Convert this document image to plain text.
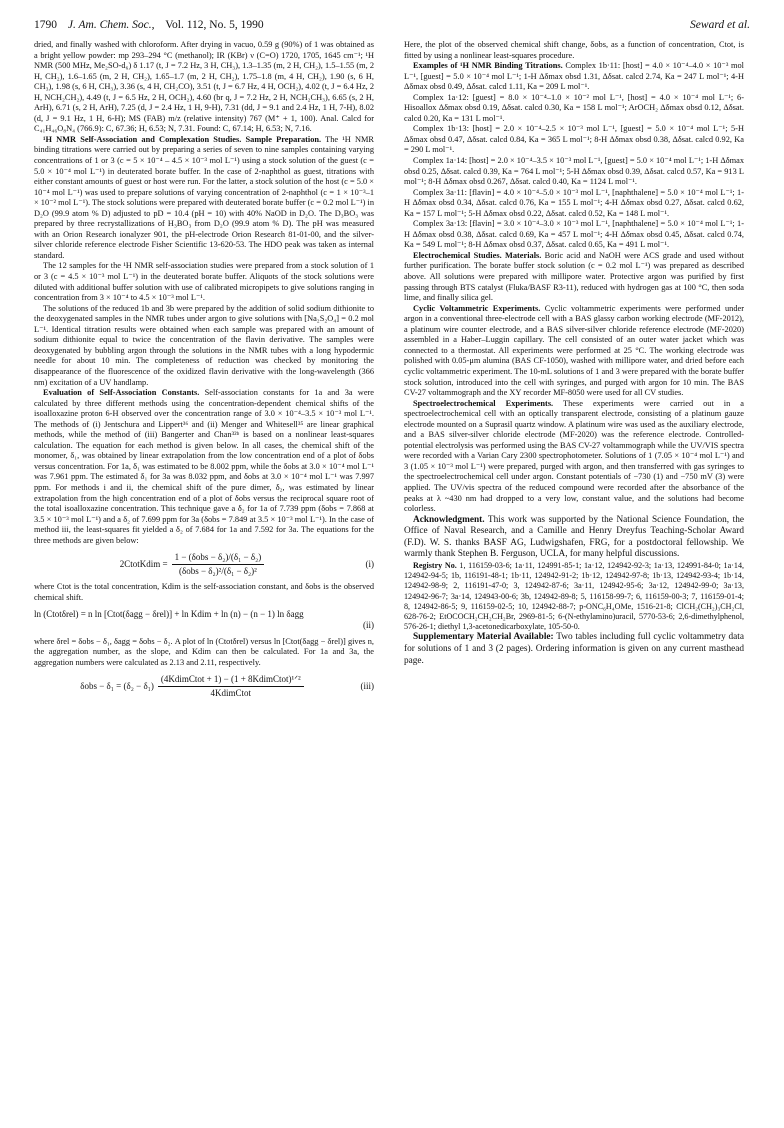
1790 J. Am. Chem. Soc., Vol. 112, No. 5, 1990	Seward et al.

dried, and finally washed with chloroform. After drying in vacuo, 0.59 g (90%) of 1 was obtained as a bright yellow powder: mp 293–294 °C (methanol); IR (KBr) ν (C=O) 1720, 1705, 1645 cm⁻¹; ¹H NMR (500 MHz, Me₂SO-d₆) δ 1.17 (t, J = 7.2 Hz, 3 H, CH₃), 1.3–1.35 (m, 2 H, CH₂), 1.5–1.55 (m, 2 H, CH₂), 1.6–1.65 (m, 2 H, CH₂), 1.65–1.7 (m, 2 H, CH₂), 1.75–1.8 (m, 4 H, CH₂), 1.90 (s, 6 H, CH₃), 1.98 (s, 6 H, CH₃), 3.36 (s, 4 H, CH₂CO), 3.51 (t, J = 6.7 Hz, 4 H, OCH₂), 4.02 (t, J = 6.4 Hz, 2 H, NCH₂CH₂), 4.49 (t, J = 6.5 Hz, 2 H, OCH₂), 4.60 (br q, J = 7.2 Hz, 2 H, NCH₂CH₃), 6.65 (s, 2 H, ArH), 6.71 (s, 2 H, ArH), 7.25 (d, J = 2.4 Hz, 1 H, 9-H), 7.31 (dd, J = 9.1 and 2.4 Hz, 1 H, 7-H), 8.02 (d, J = 9.1 Hz, 1 H, 6-H); MS (FAB) m/z (relative intensity) 767 (M⁺ + 1, 100). Anal. Calcd for C₄₁H₄₆O₈N₄ (766.9): C, 67.36; H, 6.53; N, 7.31. Found: C, 67.14; H, 6.53; N, 7.16.

¹H NMR Self-Association and Complexation Studies. Sample Preparation. The ¹H NMR binding titrations were carried out by preparing a series of seven to nine samples containing varying concentrations of 1 or 3 (c = 5 × 10⁻⁴ – 4.5 × 10⁻³ mol L⁻¹) using a stock solution of the guest (c = 5.0 × 10⁻⁴ mol L⁻¹) in deuterated borate buffer. In the case of 2-naphthol as guest, titrations with either constant amounts of guest or host were run. For the latter, a stock solution of the host (c = 5.0 × 10⁻⁴ mol L⁻¹) was used to prepare solutions of varying concentration of 2-naphthol (c = 1 × 10⁻³–1 × 10⁻² mol L⁻¹). The stock solutions were prepared with deuterated borate buffer (c = 0.2 mol L⁻¹) in D₂O (99.9 atom % D) adjusted to pD = 10.4 (pH = 10) with 40% NaOD in D₂O. The D₃BO₃ was prepared by three recrystallizations of H₃BO₃ from D₂O (99.9 atom % D). The pH was measured with an Orion Research ionalyzer 901, the pH-electrode Orion Research 81-01-00, and the silver-silver chloride reference electrode Fisher Scientific 13-620-53. The HDO peak was taken as internal standard.

The 12 samples for the ¹H NMR self-association studies were prepared from a stock solution of 1 or 3 (c = 4.5 × 10⁻³ mol L⁻¹) in the deuterated borate buffer. Aliquots of the stock solutions were diluted with additional buffer solution with use of calibrated micropipets to give solutions ranging in concentration from 3 × 10⁻⁴ to 4.5 × 10⁻³ mol L⁻¹.

The solutions of the reduced 1b and 3b were prepared by the addition of solid sodium dithionite to the deoxygenated samples in the NMR tubes under argon to give solutions with [Na₂S₂O₄] = 0.2 mol L⁻¹. Identical titration results were obtained when each sample was prepared with an amount of sodium dithionite equal to twice the concentration of the flavin derivative. The samples were deoxygenated by bubbling argon through the solutions in the NMR tubes with a long hypodermic needle for about 10 min. The completeness of reduction was checked by monitoring the disappearance of the fluorescence of the oxidized flavin derivative with the long-wavelength (366 nm) excitation of a UV handlamp.

Evaluation of Self-Association Constants. Self-association constants for 1a and 3a were calculated by three different methods using the concentration-dependent chemical shifts of the isoalloxazine proton 6-H observed over the concentration range of 3.0 × 10⁻⁴–3.5 × 10⁻³ mol L⁻¹. The methods of (i) Jentschura and Lippert³⁶ and (ii) Menger and Whitesell³⁵ are linear graphical methods, while the method of (iii) Bangerter and Chan³²ᵇ is based on a nonlinear least-squares calculation. The equation for each method is given below. In all cases, the chemical shift of the monomer, δ₁, was obtained by linear extrapolation from the low concentration end of a plot of δobs versus concentration. For 1a, δ₁ was estimated to be 8.002 ppm, while the δobs at 3.0 × 10⁻⁴ mol L⁻¹ was 7.961 ppm. The estimated δ₁ for 3a was 8.032 ppm, and δobs at 3.0 × 10⁻⁴ mol L⁻¹ was 7.997 ppm. For methods i and ii, the chemical shift of the pure dimer, δ₂, was estimated by linear extrapolation from the high concentration end of a plot of δobs versus the reciprocal square root of the total isoalloxazine concentration. This technique gave a δ₂ for 1a of 7.739 ppm (δobs = 7.868 at 3.5 × 10⁻³ mol L⁻¹) and a δ₂ of 7.699 ppm for 3a (δobs = 7.849 at 3.5 × 10⁻³ mol L⁻¹). In the case of method iii, the least-squares fit yielded a δ₂ of 7.684 for 1a and 7.592 for 3a. The equations for the three methods are given below:

2CtotKdim = $\frac{\text{1 − (δobs − δ₂)/(δ₁ − δ₂)}}{\text{(δobs − δ₂)²/(δ₁ − δ₂)²}}$	(i)

where Ctot is the total concentration, Kdim is the self-association constant, and δobs is the observed chemical shift.

ln (Ctotδrel) = n ln [Ctot(δagg − δrel)] + ln Kdim + ln (n) − (n − 1) ln δagg
(ii)

where δrel = δobs − δ₁, δagg = δobs − δ₂. A plot of ln (Ctotδrel) versus ln [Ctot(δagg − δrel)] gives n, the aggregation number, as the slope, and Kdim can then be calculated. For 1a and 3a, the aggregation numbers were calculated as 2.13 and 2.11, respectively.

$\delta obs - \delta_1 = (\delta_2 - \delta_1) \frac{\text{(4KdimCtot + 1) − (1 + 8KdimCtot)¹ᐟ²}}{\text{4KdimCtot}}$	(iii)

Here, the plot of the observed chemical shift change, δobs, as a function of concentration, Ctot, is fitted by using a nonlinear least-squares procedure.

Examples of ¹H NMR Binding Titrations. Complex 1b·11: [host] = 4.0 × 10⁻⁴–4.0 × 10⁻³ mol L⁻¹, [guest] = 5.0 × 10⁻⁴ mol L⁻¹; 1-H Δδmax obsd 1.31, Δδsat. calcd 2.74, Ka = 247 L mol⁻¹; 4-H Δδmax obsd 0.49, Δδsat. calcd 1.11, Ka = 209 L mol⁻¹.

Complex 1a·12: [guest] = 8.0 × 10⁻⁴–1.0 × 10⁻² mol L⁻¹, [host] = 4.0 × 10⁻⁴ mol L⁻¹; 6-Hisoallox Δδmax obsd 0.19, Δδsat. calcd 0.30, Ka = 158 L mol⁻¹; ArOCH₂ Δδmax obsd 0.12, Δδsat. calcd 0.20, Ka = 131 L mol⁻¹.

Complex 1b·13: [host] = 2.0 × 10⁻⁴–2.5 × 10⁻³ mol L⁻¹, [guest] = 5.0 × 10⁻⁴ mol L⁻¹; 5-H Δδmax obsd 0.47, Δδsat. calcd 0.84, Ka = 365 L mol⁻¹; 8-H Δδmax obsd 0.38, Δδsat. calcd 0.92, Ka = 290 L mol⁻¹.

Complex 1a·14: [host] = 2.0 × 10⁻⁴–3.5 × 10⁻³ mol L⁻¹, [guest] = 5.0 × 10⁻⁴ mol L⁻¹; 1-H Δδmax obsd 0.25, Δδsat. calcd 0.39, Ka = 764 L mol⁻¹; 5-H Δδmax obsd 0.39, Δδsat. calcd 0.57, Ka = 913 L mol⁻¹; 8-H Δδmax obsd 0.267, Δδsat. calcd 0.40, Ka = 1124 L mol⁻¹.

Complex 3a·11: [flavin] = 4.0 × 10⁻⁴–5.0 × 10⁻³ mol L⁻¹, [naphthalene] = 5.0 × 10⁻⁴ mol L⁻¹; 1-H Δδmax obsd 0.34, Δδsat. calcd 0.76, Ka = 155 L mol⁻¹; 4-H Δδmax obsd 0.27, Δδsat. calcd 0.62, Ka = 157 L mol⁻¹; 5-H Δδmax obsd 0.22, Δδsat. calcd 0.52, Ka = 148 L mol⁻¹.

Complex 3a·13: [flavin] = 3.0 × 10⁻⁴–3.0 × 10⁻³ mol L⁻¹, [naphthalene] = 5.0 × 10⁻⁴ mol L⁻¹; 1-H Δδmax obsd 0.38, Δδsat. calcd 0.69, Ka = 457 L mol⁻¹; 4-H Δδmax obsd 0.45, Δδsat. calcd 0.74, Ka = 549 L mol⁻¹; 8-H Δδmax obsd 0.37, Δδsat. calcd 0.65, Ka = 491 L mol⁻¹.

Electrochemical Studies. Materials. Boric acid and NaOH were ACS grade and used without further purification. The borate buffer stock solution (c = 0.2 mol L⁻¹) was prepared as described above. All solutions were prepared with millipore water. Protective argon was purified by first passing through BTS catalyst (Fluka/BASF R3-11), reduced with hydrogen gas at 100 °C, then soda lime, and finally silica gel.

Cyclic Voltammetric Experiments. Cyclic voltammetric experiments were performed under argon in a conventional three-electrode cell with a BAS glassy carbon working electrode (MF-2012), a platinum wire counter electrode, and a BAS silver-silver chloride reference electrode (MF-2020) assembled in a Haber–Luggin capillary. The cell consisted of an outer water jacket which was connected to a thermostat. All experiments were performed at 25 °C. The working electrode was polished with 0.05-μm alumina (BAS CF-1050), washed with millipore water, and dried before each cyclic voltammetric experiment. The 10-mL solutions of 1 and 3 were prepared with the borate buffer stock solution, introduced into the cell with syringes, and purged with argon for 10 min. The BAS CV-27 voltammograph and the XY recorder MF-8050 were used for all CV studies.

Spectroelectrochemical Experiments. These experiments were carried out in a spectroelectrochemical cell with an optically transparent electrode, consisting of a platinum gauze electrode mounted on a Suprasil quartz window. A platinum wire was used as the auxiliary electrode, and a BAS silver-silver chloride electrode (MF-2020) was the reference electrode. Controlled-potential electrolysis was performed using the BAS CV-27 voltammograph while the UV/VIS spectra were recorded with a Varian Cary 2300 spectrophotometer. Solutions of 1 (7.05 × 10⁻⁴ mol L⁻¹) and 3 (1.05 × 10⁻³ mol L⁻¹) were prepared, purged with argon, and then transferred with gas syringes to the spectroelectrochemical cell under argon. Constant potentials of −730 (1) and −750 mV (3) were applied. The UV/vis spectra of the reduced compound were recorded after the absorbance of the peaks at λ ~430 nm had dropped to a very low, constant value, and the solutions had become colorless.

Acknowledgment. This work was supported by the National Science Foundation, the Office of Naval Research, and a Camille and Henry Dreyfus Teaching-Scholar Award (F.D). W. S. thanks BASF AG, Ludwigshafen, FRG, for a postdoctoral fellowship. We warmly thank Stephen B. Ferguson, UCLA, for many helpful discussions.

Registry No. 1, 116159-03-6; 1a·11, 124991-85-1; 1a·12, 124942-92-3; 1a·13, 124991-84-0; 1a·14, 124942-94-5; 1b, 116191-48-1; 1b·11, 124942-91-2; 1b·12, 124942-97-8; 1b·13, 124942-93-4; 1b·14, 124942-98-9; 2, 116191-47-0; 3, 124942-87-6; 3a·11, 124942-95-6; 3a·12, 124942-99-0; 3a·13, 124942-96-7; 3a·14, 124943-00-6; 3b, 124942-89-8; 5, 116158-99-7; 6, 116159-00-3; 7, 116159-01-4; 8, 124942-86-5; 9, 116159-02-5; 10, 124942-88-7; p-ONC₆H₄OMe, 1516-21-8; ClCH₂(CH₂)₃CH₂Cl, 628-76-2; EtOCOCH₂CH₂CH₂Br, 2969-81-5; 6-(N-ethylamino)uracil, 5770-53-6; 2,6-dimethylphenol, 576-26-1; diethyl 1,3-acetonedicarboxylate, 105-50-0.

Supplementary Material Available: Two tables including full cyclic voltammetry data for solutions of 1 and 3 (2 pages). Ordering information is given on any current masthead page.
